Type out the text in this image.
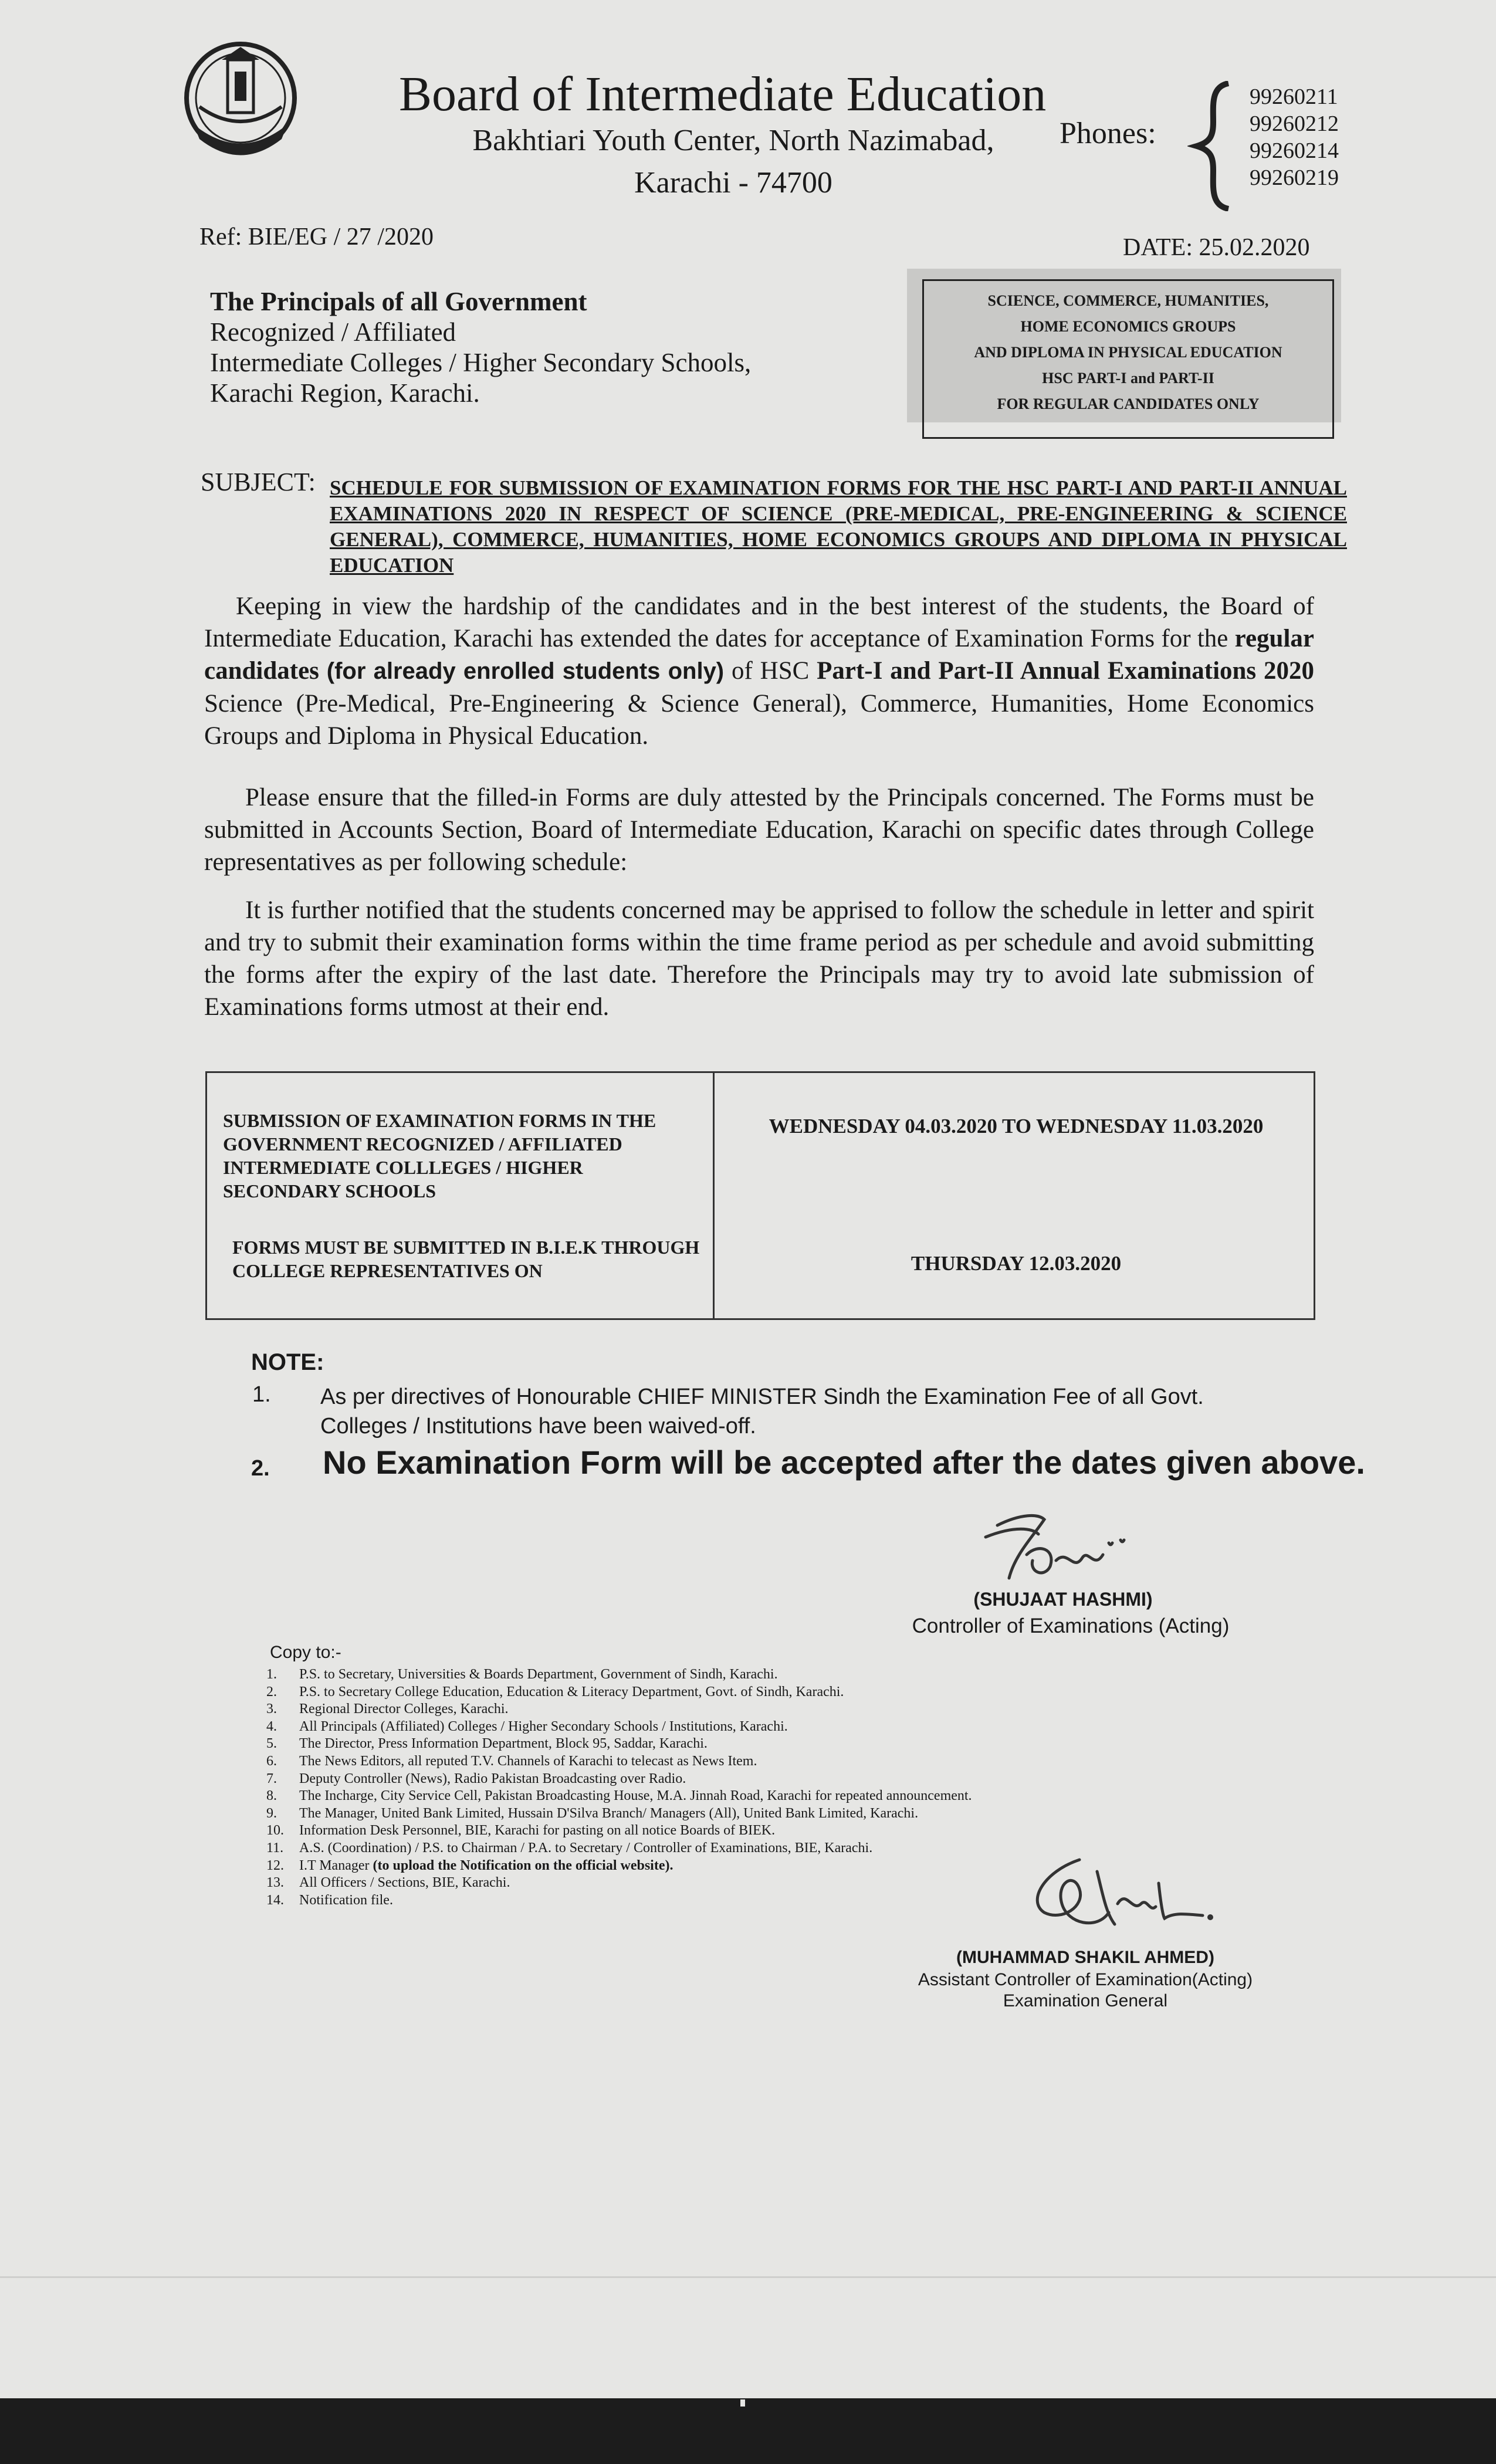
Board of Intermediate Education
Bakhtiari Youth Center, North Nazimabad,
Karachi - 74700
Phones:
99260211
99260212
99260214
99260219
Ref: BIE/EG / 27 /2020	DATE: 25.02.2020
The Principals of all Government
Recognized / Affiliated
Intermediate Colleges / Higher Secondary Schools,
Karachi Region, Karachi.
SCIENCE, COMMERCE, HUMANITIES,
HOME ECONOMICS GROUPS
AND DIPLOMA IN PHYSICAL EDUCATION
HSC PART-I and PART-II
FOR REGULAR CANDIDATES ONLY
SUBJECT: SCHEDULE FOR SUBMISSION OF EXAMINATION FORMS FOR THE HSC PART-I AND PART-II ANNUAL EXAMINATIONS 2020 IN RESPECT OF SCIENCE (PRE-MEDICAL, PRE-ENGINEERING & SCIENCE GENERAL), COMMERCE, HUMANITIES, HOME ECONOMICS GROUPS AND DIPLOMA IN PHYSICAL EDUCATION
Keeping in view the hardship of the candidates and in the best interest of the students, the Board of Intermediate Education, Karachi has extended the dates for acceptance of Examination Forms for the regular candidates (for already enrolled students only) of HSC Part-I and Part-II Annual Examinations 2020 Science (Pre-Medical, Pre-Engineering & Science General), Commerce, Humanities, Home Economics Groups and Diploma in Physical Education.
Please ensure that the filled-in Forms are duly attested by the Principals concerned. The Forms must be submitted in Accounts Section, Board of Intermediate Education, Karachi on specific dates through College representatives as per following schedule:
It is further notified that the students concerned may be apprised to follow the schedule in letter and spirit and try to submit their examination forms within the time frame period as per schedule and avoid submitting the forms after the expiry of the last date. Therefore the Principals may try to avoid late submission of Examinations forms utmost at their end.
SUBMISSION OF EXAMINATION FORMS IN THE GOVERNMENT RECOGNIZED / AFFILIATED INTERMEDIATE COLLLEGES / HIGHER SECONDARY SCHOOLS
WEDNESDAY 04.03.2020 TO WEDNESDAY 11.03.2020
FORMS MUST BE SUBMITTED IN B.I.E.K THROUGH COLLEGE REPRESENTATIVES ON	THURSDAY 12.03.2020
NOTE:
1. As per directives of Honourable CHIEF MINISTER Sindh the Examination Fee of all Govt. Colleges / Institutions have been waived-off.
2. No Examination Form will be accepted after the dates given above.
(SHUJAAT HASHMI)
Controller of Examinations (Acting)
Copy to:-
1. P.S. to Secretary, Universities & Boards Department, Government of Sindh, Karachi.
2. P.S. to Secretary College Education, Education & Literacy Department, Govt. of Sindh, Karachi.
3. Regional Director Colleges, Karachi.
4. All Principals (Affiliated) Colleges / Higher Secondary Schools / Institutions, Karachi.
5. The Director, Press Information Department, Block 95, Saddar, Karachi.
6. The News Editors, all reputed T.V. Channels of Karachi to telecast as News Item.
7. Deputy Controller (News), Radio Pakistan Broadcasting over Radio.
8. The Incharge, City Service Cell, Pakistan Broadcasting House, M.A. Jinnah Road, Karachi for repeated announcement.
9. The Manager, United Bank Limited, Hussain D'Silva Branch/ Managers (All), United Bank Limited, Karachi.
10. Information Desk Personnel, BIE, Karachi for pasting on all notice Boards of BIEK.
11. A.S. (Coordination) / P.S. to Chairman / P.A. to Secretary / Controller of Examinations, BIE, Karachi.
12. I.T Manager (to upload the Notification on the official website).
13. All Officers / Sections, BIE, Karachi.
14. Notification file.
(MUHAMMAD SHAKIL AHMED)
Assistant Controller of Examination(Acting)
Examination General
